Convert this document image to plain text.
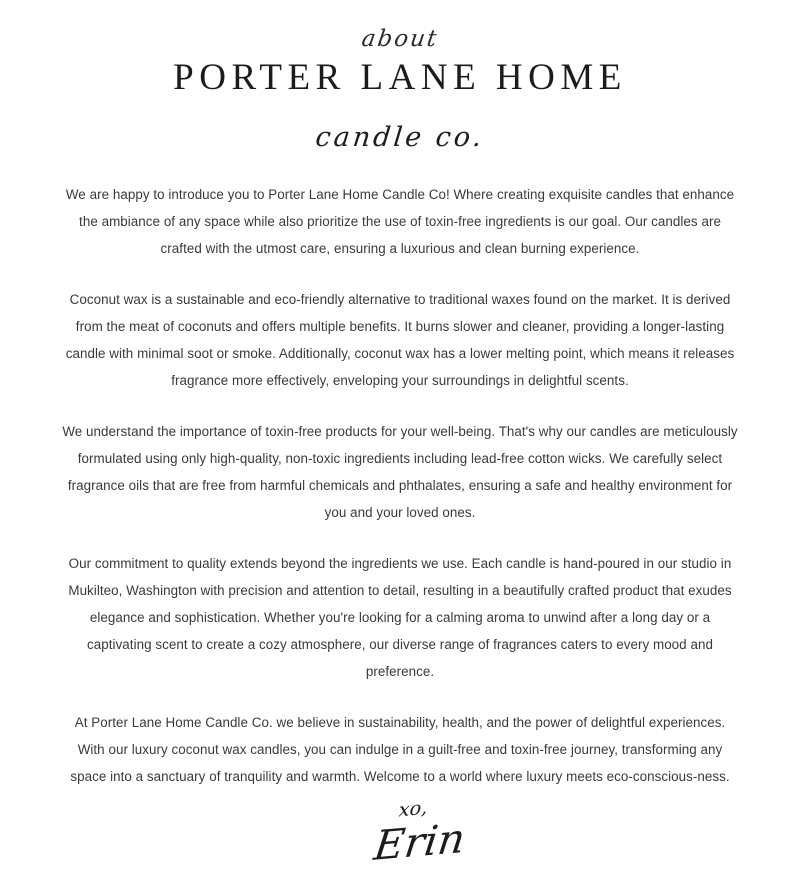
about
PORTER LANE HOME
candle co.

We are happy to introduce you to Porter Lane Home Candle Co! Where creating exquisite candles that enhance the ambiance of any space while also prioritize the use of toxin-free ingredients is our goal. Our candles are crafted with the utmost care, ensuring a luxurious and clean burning experience.

Coconut wax is a sustainable and eco-friendly alternative to traditional waxes found on the market. It is derived from the meat of coconuts and offers multiple benefits. It burns slower and cleaner, providing a longer-lasting candle with minimal soot or smoke. Additionally, coconut wax has a lower melting point, which means it releases fragrance more effectively, enveloping your surroundings in delightful scents.

We understand the importance of toxin-free products for your well-being. That's why our candles are meticulously formulated using only high-quality, non-toxic ingredients including lead-free cotton wicks. We carefully select fragrance oils that are free from harmful chemicals and phthalates, ensuring a safe and healthy environment for you and your loved ones.

Our commitment to quality extends beyond the ingredients we use. Each candle is hand-poured in our studio in Mukilteo, Washington with precision and attention to detail, resulting in a beautifully crafted product that exudes elegance and sophistication. Whether you're looking for a calming aroma to unwind after a long day or a captivating scent to create a cozy atmosphere, our diverse range of fragrances caters to every mood and preference.

At Porter Lane Home Candle Co. we believe in sustainability, health, and the power of delightful experiences. With our luxury coconut wax candles, you can indulge in a guilt-free and toxin-free journey, transforming any space into a sanctuary of tranquility and warmth. Welcome to a world where luxury meets eco-conscious-ness.

xo,
Erin
